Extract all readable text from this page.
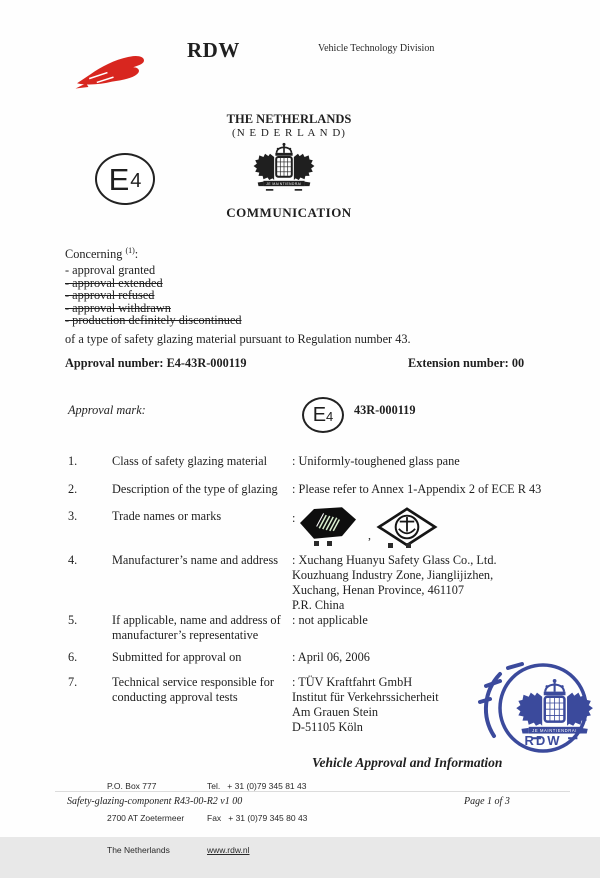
RDW	Vehicle Technology Division
THE NETHERLANDS
(N E D E R L A N D)
E 4
COMMUNICATION
Concerning $^{(1)}$:
- approval granted
- approval extended
- approval refused
- approval withdrawn
- production definitely discontinued
of a type of safety glazing material pursuant to Regulation number 43.
Approval number: E4-43R-000119	Extension number: 00
Approval mark:	E 4 43R-000119
1.	Class of safety glazing material	: Uniformly-toughened glass pane
2.	Description of the type of glazing	: Please refer to Annex 1-Appendix 2 of ECE R 43
3.	Trade names or marks	:
,
4.	Manufacturer’s name and address	: Xuchang Huanyu Safety Glass Co., Ltd.
Kouzhuang Industry Zone, Jianglijizhen,
Xuchang, Henan Province, 461107
P.R. China
5.	If applicable, name and address of manufacturer’s representative
: not applicable
6.	Submitted for approval on	: April 06, 2006
7.	Technical service responsible for conducting approval tests
: TÜV Kraftfahrt GmbH
Institut für Verkehrssicherheit
Am Grauen Stein
D-51105 Köln
RDW

P.O. Box 777

2700 AT Zoetermeer

The Netherlands

Tel.   + 31 (0)79 345 81 43

Fax   + 31 (0)79 345 80 43

www.rdw.nl

Vehicle Approval and Information
Safety-glazing-component R43-00-R2 v1 00	Page 1 of 3
